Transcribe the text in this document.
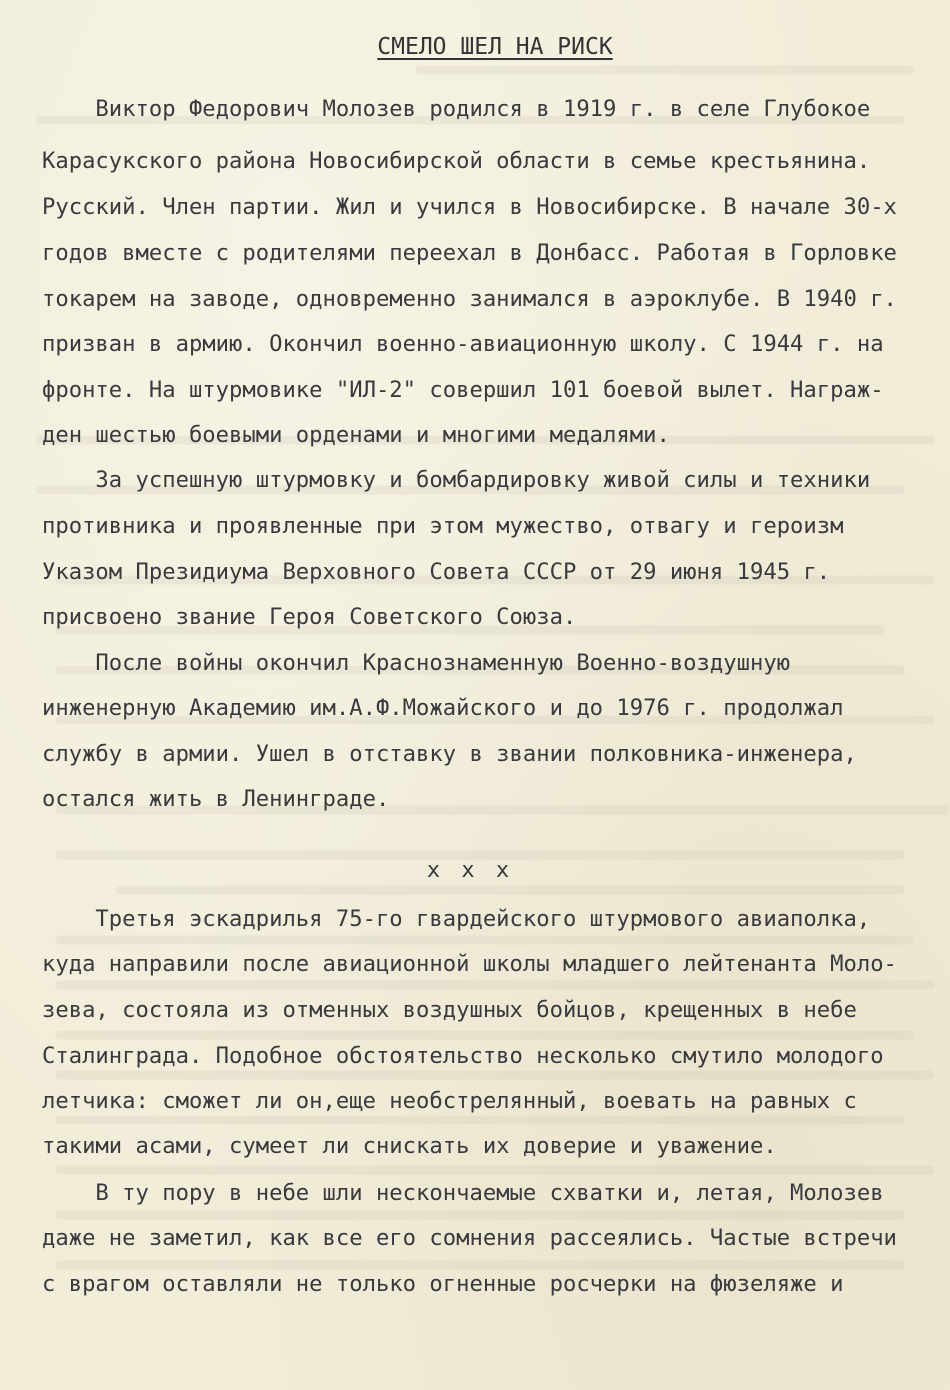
СМЕЛО ШЕЛ НА РИСК
Виктор Федорович Молозев родился в 1919 г. в селе Глубокое
Карасукского района Новосибирской области в семье крестьянина.
Русский. Член партии. Жил и учился в Новосибирске. В начале 30-х
годов вместе с родителями переехал в Донбасс. Работая в Горловке
токарем на заводе, одновременно занимался в аэроклубе. В 1940 г.
призван в армию. Окончил военно-авиационную школу. С 1944 г. на
фронте. На штурмовике "ИЛ-2" совершил 101 боевой вылет. Награж-
ден шестью боевыми орденами и многими медалями.
За успешную штурмовку и бомбардировку живой силы и техники
противника и проявленные при этом мужество, отвагу и героизм
Указом Президиума Верховного Совета СССР от 29 июня 1945 г.
присвоено звание Героя Советского Союза.
После войны окончил Краснознаменную Военно-воздушную
инженерную Академию им.А.Ф.Можайского и до 1976 г. продолжал
службу в армии. Ушел в отставку в звании полковника-инженера,
остался жить в Ленинграде.
x x x
Третья эскадрилья 75-го гвардейского штурмового авиаполка,
куда направили после авиационной школы младшего лейтенанта Моло-
зева, состояла из отменных воздушных бойцов, крещенных в небе
Сталинграда. Подобное обстоятельство несколько смутило молодого
летчика: сможет ли он,еще необстрелянный, воевать на равных с
такими асами, сумеет ли снискать их доверие и уважение.
В ту пору в небе шли нескончаемые схватки и, летая, Молозев
даже не заметил, как все его сомнения рассеялись. Частые встречи
с врагом оставляли не только огненные росчерки на фюзеляже и
